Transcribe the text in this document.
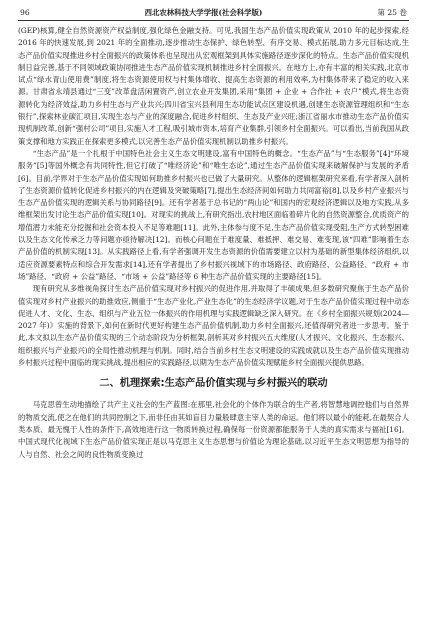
96	西北农林科技大学学报(社会科学版)	第 25 卷

(GEP)核算,健全自然资源资产权益制度,强化绿色金融支持。可见,我国生态产品价值实现政策从 2010 年的起步探索,经 2016 年的快速发展,到 2021 年的全面推动,逐步推动生态保护、绿色转型、有序交易、模式拓展,助力多元目标达成,生态产品价值实现推进乡村全面振兴的政策体系也呈现出从宏观框架到具体实施路径逐步深化的特点。生态产品价值实现机制日益完善,基于不同领域政策协同推进生态产品价值实现机制推进乡村全面振兴。在地方上,亦有丰富的相关实践,北京市试点“绿水青山使用费”制度,将生态资源使用权与村集体增收、提高生态资源的利用效率,为村集体带来了稳定的收入来源。甘肃省永靖县通过“三变”改革盘活闲置资产,创立农业开发集团,采用“集团 + 企业 + 合作社 + 农户”模式,将生态资源转化为经济效益,助力乡村生态与产业共兴;四川省宝兴县利用生态功能试点区建设机遇,创建生态资源管理组织和“生态银行”,探索林业碳汇项目,实现生态与产业的深度融合,促进乡村组织、生态及产业兴旺;浙江省丽水市推动生态产品价值实现机制改革,创新“强村公司”项目,实施人才工程,吸引城市资本,培育产业集群,引领乡村全面振兴。可以看出,当前我国从政策支撑和地方实践正在探索更多模式,以完善生态产品价值实现机制以助推乡村振兴。

“生态产品”是一个扎根于中国特色社会主义生态文明建设,富有中国特色的概念。“生态产品”与“生态服务”[4]“环境服务”[5]等国外概念有共同特性,但它打破了“唯经济论”和“唯生态论”,通过生态产品价值实现来破解保护与发展的矛盾[6]。目前,学界对于生态产品价值实现如何助推乡村振兴也已做了大量研究。从整体的逻辑框架研究来看,有学者深入剖析了生态资源价值转化促进乡村振兴的内在逻辑及突破策略[7],提出生态经济间如何助力共同富裕[8],以及乡村产业振兴与生态产品价值实现的逻辑关系与协同路径[9]。还有学者基于总书记的“两山论”和国内的宏观经济逻辑以及地方实践,从多维框架出发讨论生态产品价值实现[10]。对现实的挑战上,有研究指出,农村地区面临着碎片化的自然资源整合,优质资产的增值潜力未能充分挖掘和社会资本投入不足等难题[11]。此外,主体参与度不足,生态产品价值实现受阻,生产方式转型困难以及生态文化传承乏力等问题亦亟待解决[12]。而核心问题在于难度量、难抵押、难交易、难变现,该“四难”影响着生态产品价值的机制实现[13]。从实践路径上看,有学者强调开发生态资源的价值需要建立以村为基础的新型集体经济组织,以适应资源要素特点和综合开发需求[14],还有学者提出了乡村振兴视域下的市场路径、政府路径、公益路径、“政府 + 市场”路径、“政府 + 公益”路径、“市场 + 公益”路径等 6 种生态产品价值实现的主要路径[15]。

现有研究从多维视角探讨生态产品价值实现对乡村振兴的促进作用,并取得了丰硕成果,但多数研究聚焦于生态产品价值实现对乡村产业振兴的助推效应,侧重于“生态产业化,产业生态化”的生态经济学议题,对于生态产品价值实现过程中动态促进人才、文化、生态、组织与产业五位一体振兴的作用机理与实践逻辑缺乏深入研究。在《乡村全面振兴规划(2024—2027 年)》实施的背景下,如何在新时代更好构建生态产品价值机制,助力乡村全面振兴,还值得研究者进一步思考。鉴于此,本文拟以生态产品价值实现的三个动态阶段为分析框架,剖析其对乡村振兴五大维度(人才振兴、文化振兴、生态振兴、组织振兴与产业振兴)的全局性推动机理与机制。同时,结合当前乡村生态文明建设的实践成就以及生态产品价值实现推动乡村振兴过程中面临的现实挑战,提出相应的实践路径,以期为生态产品价值实现赋能乡村全面振兴提供思路。

二、机理探索:生态产品价值实现与乡村振兴的联动

马克思曾生动地描绘了共产主义社会的生产蓝图:在那里,社会化的个体作为联合的生产者,将智慧地调控他们与自然界的物质交流,使之在他们的共同控制之下,而非任由其如盲目力量般肆意主宰人类的命运。他们将以最小的能耗,在最契合人类本质、最无愧于人性的条件下,高效地进行这一物质转换过程,确保每一份资源都能服务于人类的真实需求与福祉[16]。中国式现代化视域下生态产品价值实现正是以马克思主义生态思想与价值论为理论基础,以习近平生态文明思想为指导的人与自然、社会之间的良性物质变换过
